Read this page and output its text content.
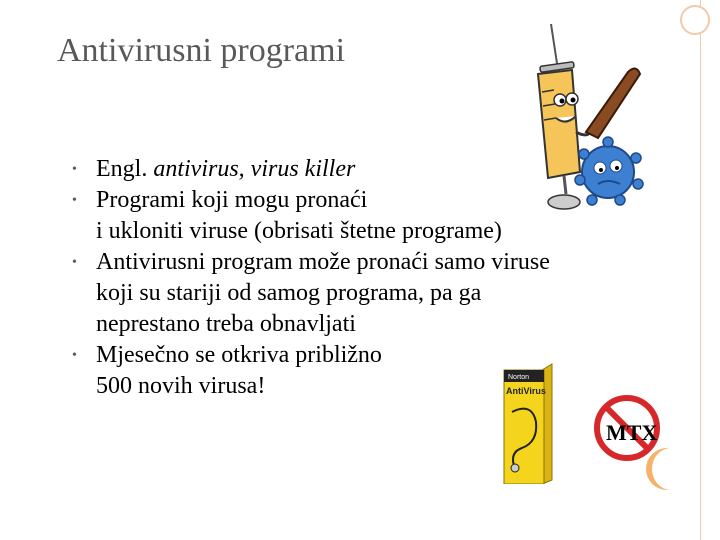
Antivirusni programi
• Engl. antivirus, virus killer
• Programi koji mogu pronaći
i ukloniti viruse (obrisati štetne programe)
• Antivirusni program može pronaći samo viruse
koji su stariji od samog programa, pa ga
neprestano treba obnavljati
• Mjesečno se otkriva približno
500 novih virusa!	Norton
AntiVirus
MTX
